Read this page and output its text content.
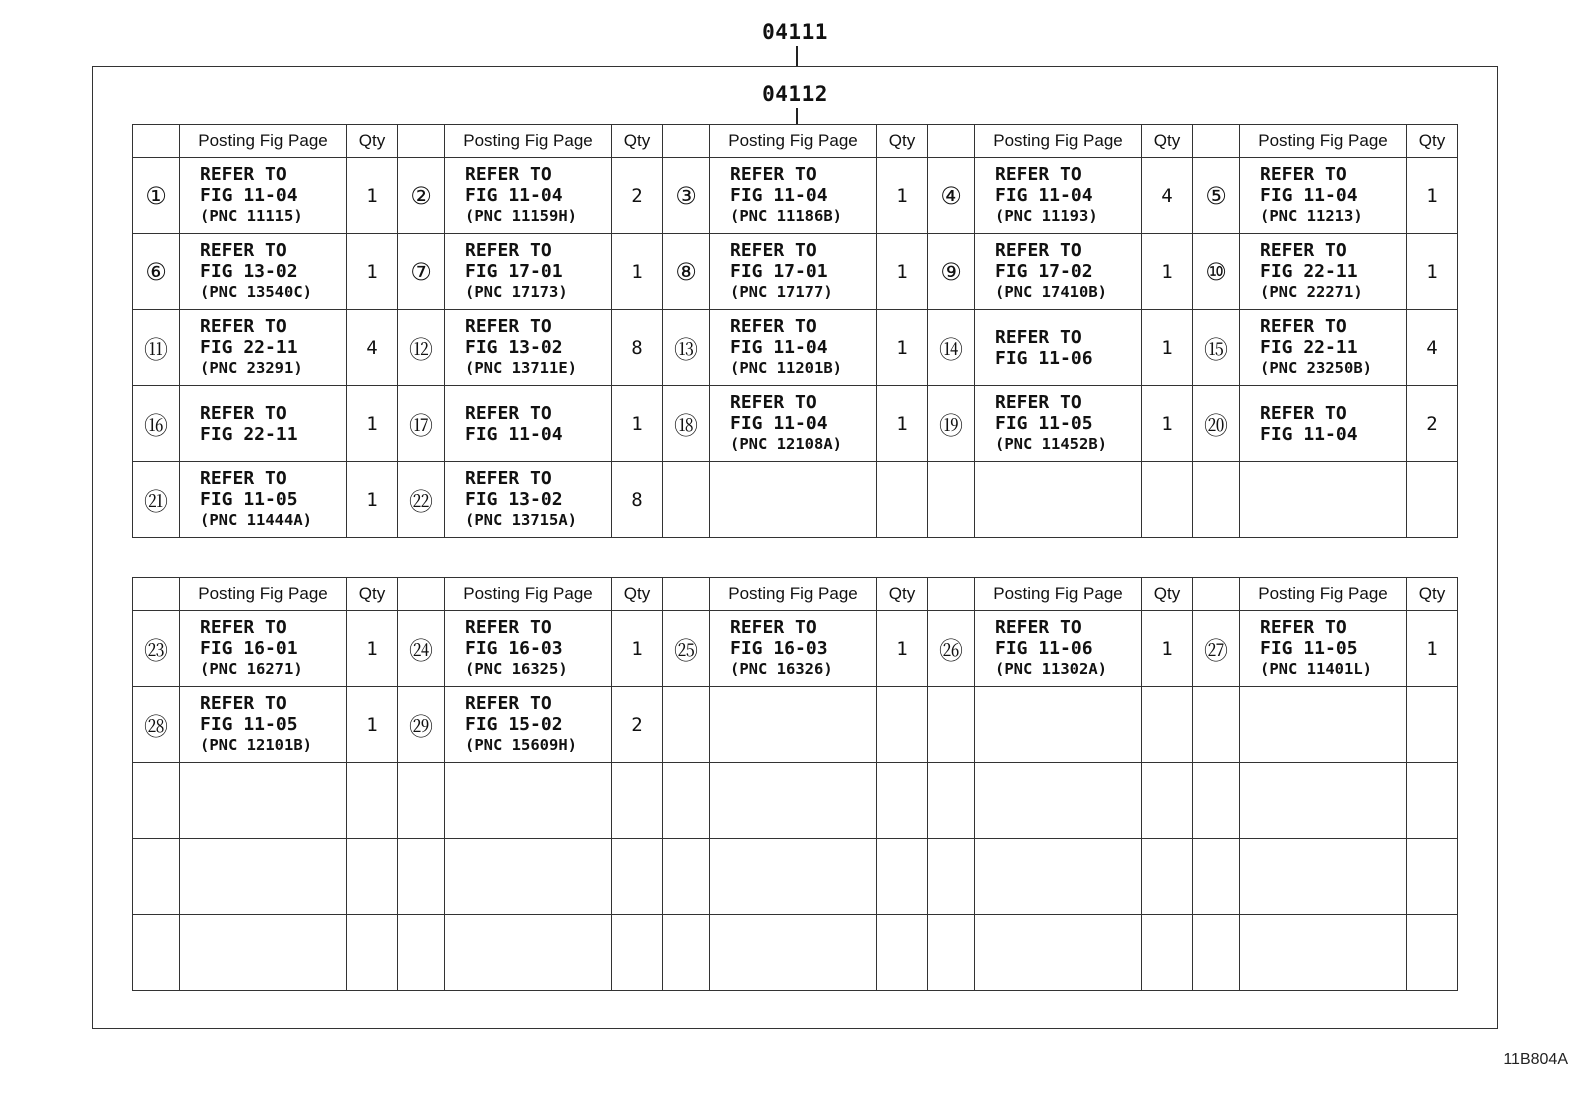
04111
04112
	Posting Fig Page	Qty		Posting Fig Page	Qty		Posting Fig Page	Qty		Posting Fig Page	Qty		Posting Fig Page	Qty
①	REFER TO
FIG 11-04
(PNC 11115)	1	②	REFER TO
FIG 11-04
(PNC 11159H)	2	③	REFER TO
FIG 11-04
(PNC 11186B)	1	④	REFER TO
FIG 11-04
(PNC 11193)	4	⑤	REFER TO
FIG 11-04
(PNC 11213)	1
⑥	REFER TO
FIG 13-02
(PNC 13540C)	1	⑦	REFER TO
FIG 17-01
(PNC 17173)	1	⑧	REFER TO
FIG 17-01
(PNC 17177)	1	⑨	REFER TO
FIG 17-02
(PNC 17410B)	1	⑩	REFER TO
FIG 22-11
(PNC 22271)	1
⑪	REFER TO
FIG 22-11
(PNC 23291)	4	⑫	REFER TO
FIG 13-02
(PNC 13711E)	8	⑬	REFER TO
FIG 11-04
(PNC 11201B)	1	⑭	REFER TO
FIG 11-06	1	⑮	REFER TO
FIG 22-11
(PNC 23250B)	4
⑯	REFER TO
FIG 22-11	1	⑰	REFER TO
FIG 11-04	1	⑱	REFER TO
FIG 11-04
(PNC 12108A)	1	⑲	REFER TO
FIG 11-05
(PNC 11452B)	1	⑳	REFER TO
FIG 11-04	2
㉑	REFER TO
FIG 11-05
(PNC 11444A)	1	㉒	REFER TO
FIG 13-02
(PNC 13715A)	8		

	Posting Fig Page	Qty		Posting Fig Page	Qty		Posting Fig Page	Qty		Posting Fig Page	Qty		Posting Fig Page	Qty
㉓	REFER TO
FIG 16-01
(PNC 16271)	1	㉔	REFER TO
FIG 16-03
(PNC 16325)	1	㉕	REFER TO
FIG 16-03
(PNC 16326)	1	㉖	REFER TO
FIG 11-06
(PNC 11302A)	1	㉗	REFER TO
FIG 11-05
(PNC 11401L)	1
㉘	REFER TO
FIG 11-05
(PNC 12101B)	1	㉙	REFER TO
FIG 15-02
(PNC 15609H)	2		

11B804A
